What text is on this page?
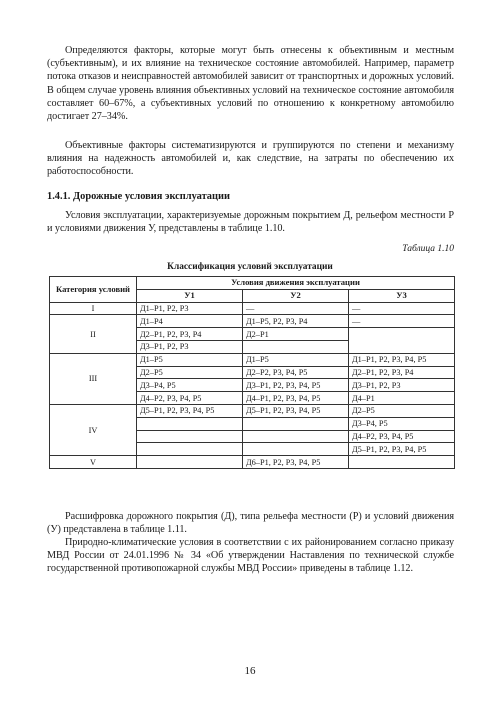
Определяются факторы, которые могут быть отнесены к объективным и местным (субъективным), и их влияние на техническое состояние автомобилей. Например, параметр потока отказов и неисправностей автомобилей зависит от транспортных и дорожных условий. В общем случае уровень влияния объективных условий на техническое состояние автомобиля составляет 60–67%, а субъективных условий по отношению к конкретному автомобилю достигает 27–34%.

Объективные факторы систематизируются и группируются по степени и механизму влияния на надежность автомобилей и, как следствие, на затраты по обеспечению их работоспособности.

1.4.1. Дорожные условия эксплуатации

Условия эксплуатации, характеризуемые дорожным покрытием Д, рельефом местности Р и условиями движения У, представлены в таблице 1.10.

Таблица 1.10
Классификация условий эксплуатации
Категория условий	Условия движения эксплуатации		
	У1	У2	У3
I	Д1–Р1, Р2, Р3	—	—
II	Д1–Р4	Д1–Р5, Р2, Р3, Р4	—
	Д2–Р1, Р2, Р3, Р4	Д2–Р1	
	Д3–Р1, Р2, Р3		
III	Д1–Р5	Д1–Р5	Д1–Р1, Р2, Р3, Р4, Р5
	Д2–Р5	Д2–Р2, Р3, Р4, Р5	Д2–Р1, Р2, Р3, Р4
	Д3–Р4, Р5	Д3–Р1, Р2, Р3, Р4, Р5	Д3–Р1, Р2, Р3
	Д4–Р2, Р3, Р4, Р5	Д4–Р1, Р2, Р3, Р4, Р5	Д4–Р1
IV	Д5–Р1, Р2, Р3, Р4, Р5	Д5–Р1, Р2, Р3, Р4, Р5	Д2–Р5
			Д3–Р4, Р5
			Д4–Р2, Р3, Р4, Р5
			Д5–Р1, Р2, Р3, Р4, Р5
V		Д6–Р1, Р2, Р3, Р4, Р5	

Расшифровка дорожного покрытия (Д), типа рельефа местности (Р) и условий движения (У) представлена в таблице 1.11.

Природно-климатические условия в соответствии с их районированием согласно приказу МВД России от 24.01.1996 № 34 «Об утверждении Наставления по технической службе государственной противопожарной службы МВД России» приведены в таблице 1.12.

16
